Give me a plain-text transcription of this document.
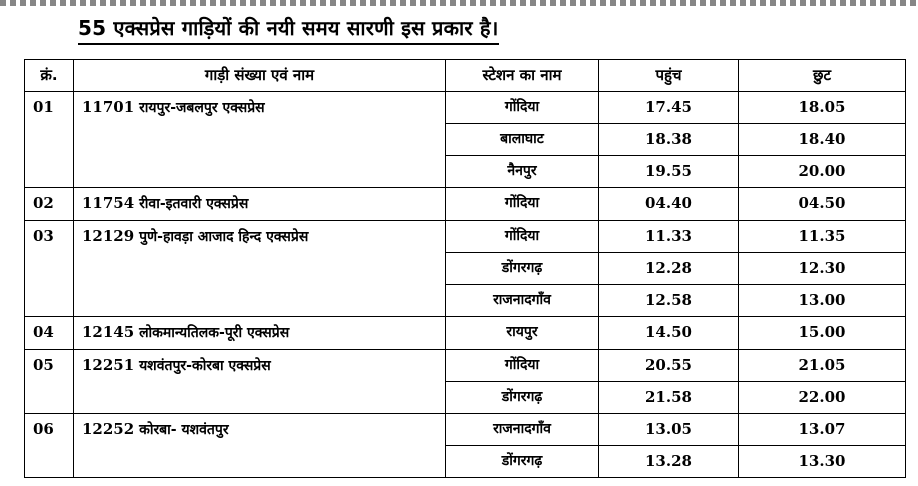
55 एक्सप्रेस गाड़ियों की नयी समय सारणी इस प्रकार है।
क्रं.	गाड़ी संख्या एवं नाम	स्टेशन का नाम	पहुंच	छुट
01	11701 रायपुर-जबलपुर एक्सप्रेस	गोंदिया	17.45	18.05
		बालाघाट	18.38	18.40
		नैनपुर	19.55	20.00
02	11754 रीवा-इतवारी एक्सप्रेस	गोंदिया	04.40	04.50
03	12129 पुणे-हावड़ा आजाद हिन्द एक्सप्रेस	गोंदिया	11.33	11.35
		डोंगरगढ़	12.28	12.30
		राजनादगाँव	12.58	13.00
04	12145 लोकमान्यतिलक-पूरी एक्सप्रेस	रायपुर	14.50	15.00
05	12251 यशवंतपुर-कोरबा एक्सप्रेस	गोंदिया	20.55	21.05
		डोंगरगढ़	21.58	22.00
06	12252 कोरबा- यशवंतपुर	राजनादगाँव	13.05	13.07
		डोंगरगढ़	13.28	13.30
